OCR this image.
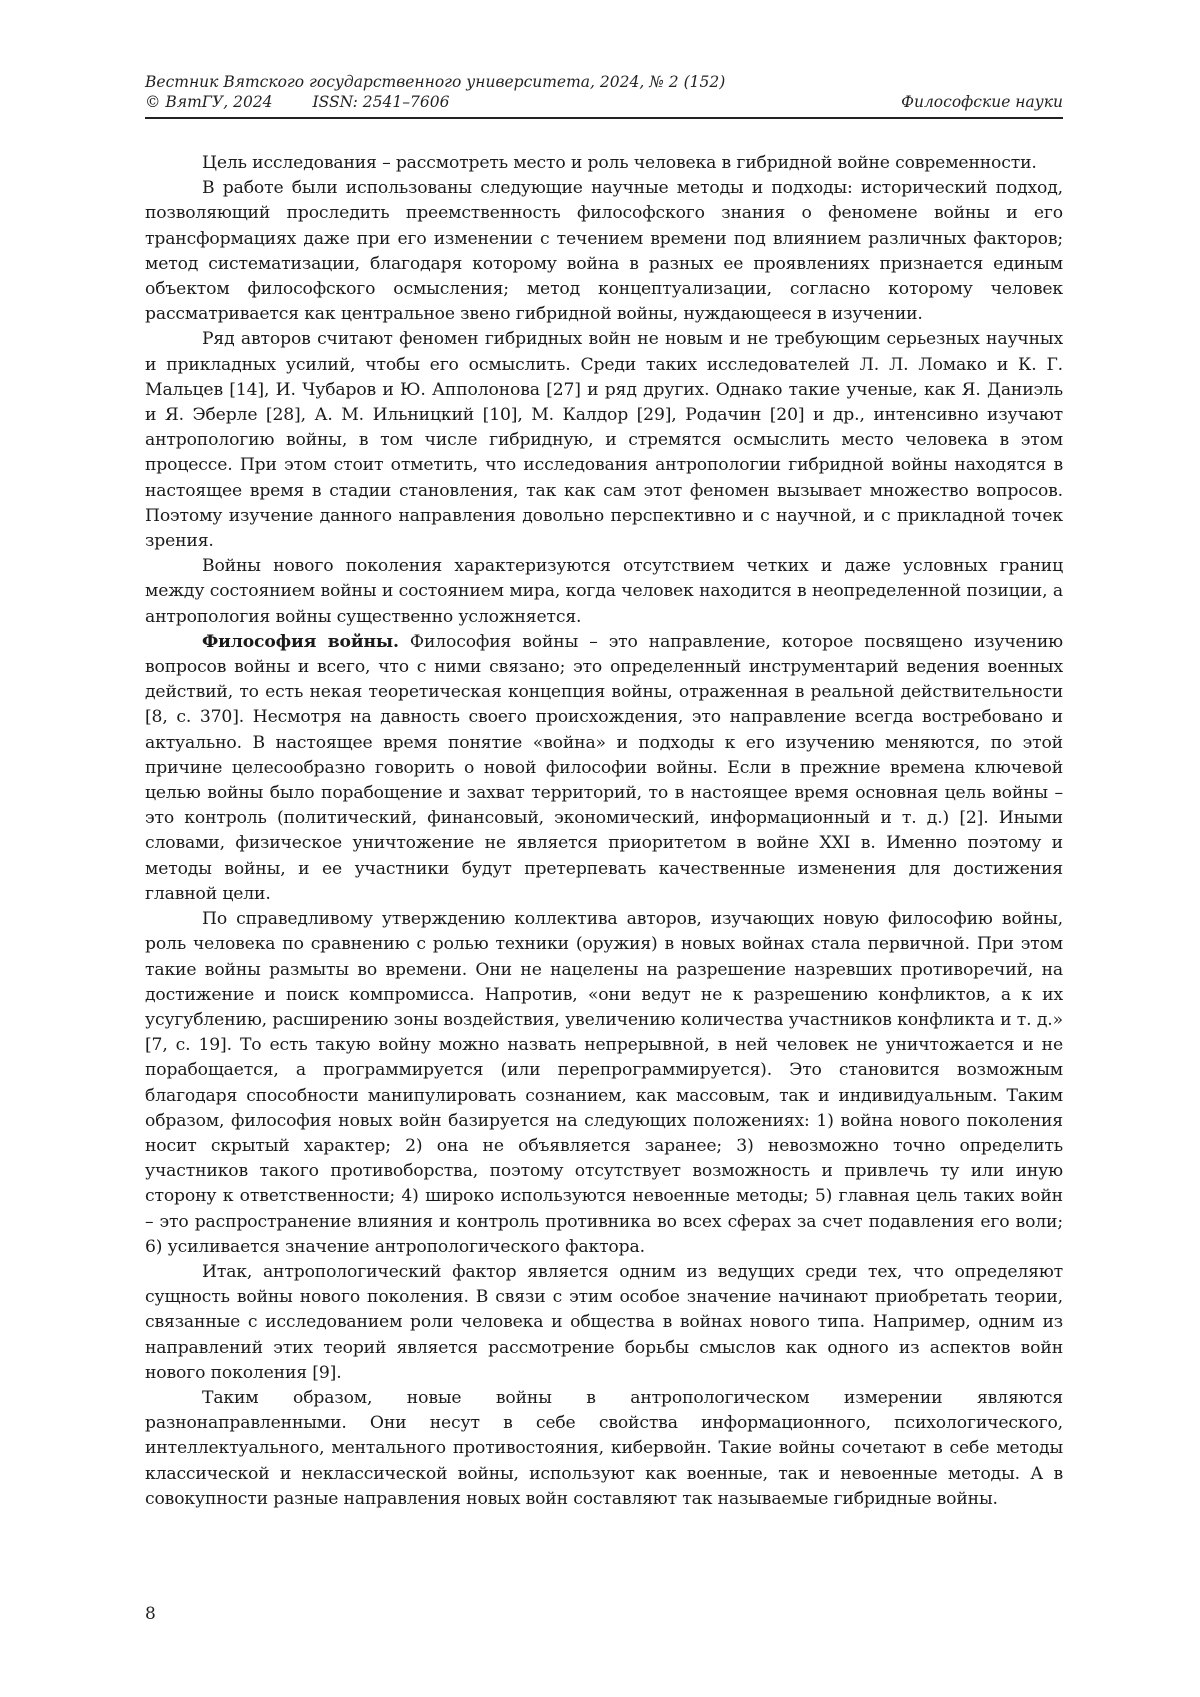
Вестник Вятского государственного университета, 2024, № 2 (152)
© ВятГУ, 2024	ISSN: 2541–7606	Философские науки

Цель исследования – рассмотреть место и роль человека в гибридной войне современности.

В работе были использованы следующие научные методы и подходы: исторический подход, позволяющий проследить преемственность философского знания о феномене войны и его трансформациях даже при его изменении с течением времени под влиянием различных факторов; метод систематизации, благодаря которому война в разных ее проявлениях признается единым объектом философского осмысления; метод концептуализации, согласно которому человек рассматривается как центральное звено гибридной войны, нуждающееся в изучении.

Ряд авторов считают феномен гибридных войн не новым и не требующим серьезных научных и прикладных усилий, чтобы его осмыслить. Среди таких исследователей Л. Л. Ломако и К. Г. Мальцев [14], И. Чубаров и Ю. Апполонова [27] и ряд других. Однако такие ученые, как Я. Даниэль и Я. Эберле [28], А. М. Ильницкий [10], М. Калдор [29], Родачин [20] и др., интенсивно изучают антропологию войны, в том числе гибридную, и стремятся осмыслить место человека в этом процессе. При этом стоит отметить, что исследования антропологии гибридной войны находятся в настоящее время в стадии становления, так как сам этот феномен вызывает множество вопросов. Поэтому изучение данного направления довольно перспективно и с научной, и с прикладной точек зрения.

Войны нового поколения характеризуются отсутствием четких и даже условных границ между состоянием войны и состоянием мира, когда человек находится в неопределенной позиции, а антропология войны существенно усложняется.

Философия войны. Философия войны – это направление, которое посвящено изучению вопросов войны и всего, что с ними связано; это определенный инструментарий ведения военных действий, то есть некая теоретическая концепция войны, отраженная в реальной действительности [8, с. 370]. Несмотря на давность своего происхождения, это направление всегда востребовано и актуально. В настоящее время понятие «война» и подходы к его изучению меняются, по этой причине целесообразно говорить о новой философии войны. Если в прежние времена ключевой целью войны было порабощение и захват территорий, то в настоящее время основная цель войны – это контроль (политический, финансовый, экономический, информационный и т. д.) [2]. Иными словами, физическое уничтожение не является приоритетом в войне XXI в. Именно поэтому и методы войны, и ее участники будут претерпевать качественные изменения для достижения главной цели.

По справедливому утверждению коллектива авторов, изучающих новую философию войны, роль человека по сравнению с ролью техники (оружия) в новых войнах стала первичной. При этом такие войны размыты во времени. Они не нацелены на разрешение назревших противоречий, на достижение и поиск компромисса. Напротив, «они ведут не к разрешению конфликтов, а к их усугублению, расширению зоны воздействия, увеличению количества участников конфликта и т. д.» [7, с. 19]. То есть такую войну можно назвать непрерывной, в ней человек не уничтожается и не порабощается, а программируется (или перепрограммируется). Это становится возможным благодаря способности манипулировать сознанием, как массовым, так и индивидуальным. Таким образом, философия новых войн базируется на следующих положениях: 1) война нового поколения носит скрытый характер; 2) она не объявляется заранее; 3) невозможно точно определить участников такого противоборства, поэтому отсутствует возможность и привлечь ту или иную сторону к ответственности; 4) широко используются невоенные методы; 5) главная цель таких войн – это распространение влияния и контроль противника во всех сферах за счет подавления его воли; 6) усиливается значение антропологического фактора.

Итак, антропологический фактор является одним из ведущих среди тех, что определяют сущность войны нового поколения. В связи с этим особое значение начинают приобретать теории, связанные с исследованием роли человека и общества в войнах нового типа. Например, одним из направлений этих теорий является рассмотрение борьбы смыслов как одного из аспектов войн нового поколения [9].

Таким образом, новые войны в антропологическом измерении являются разнонаправленными. Они несут в себе свойства информационного, психологического, интеллектуального, ментального противостояния, кибервойн. Такие войны сочетают в себе методы классической и неклассической войны, используют как военные, так и невоенные методы. А в совокупности разные направления новых войн составляют так называемые гибридные войны.

8
